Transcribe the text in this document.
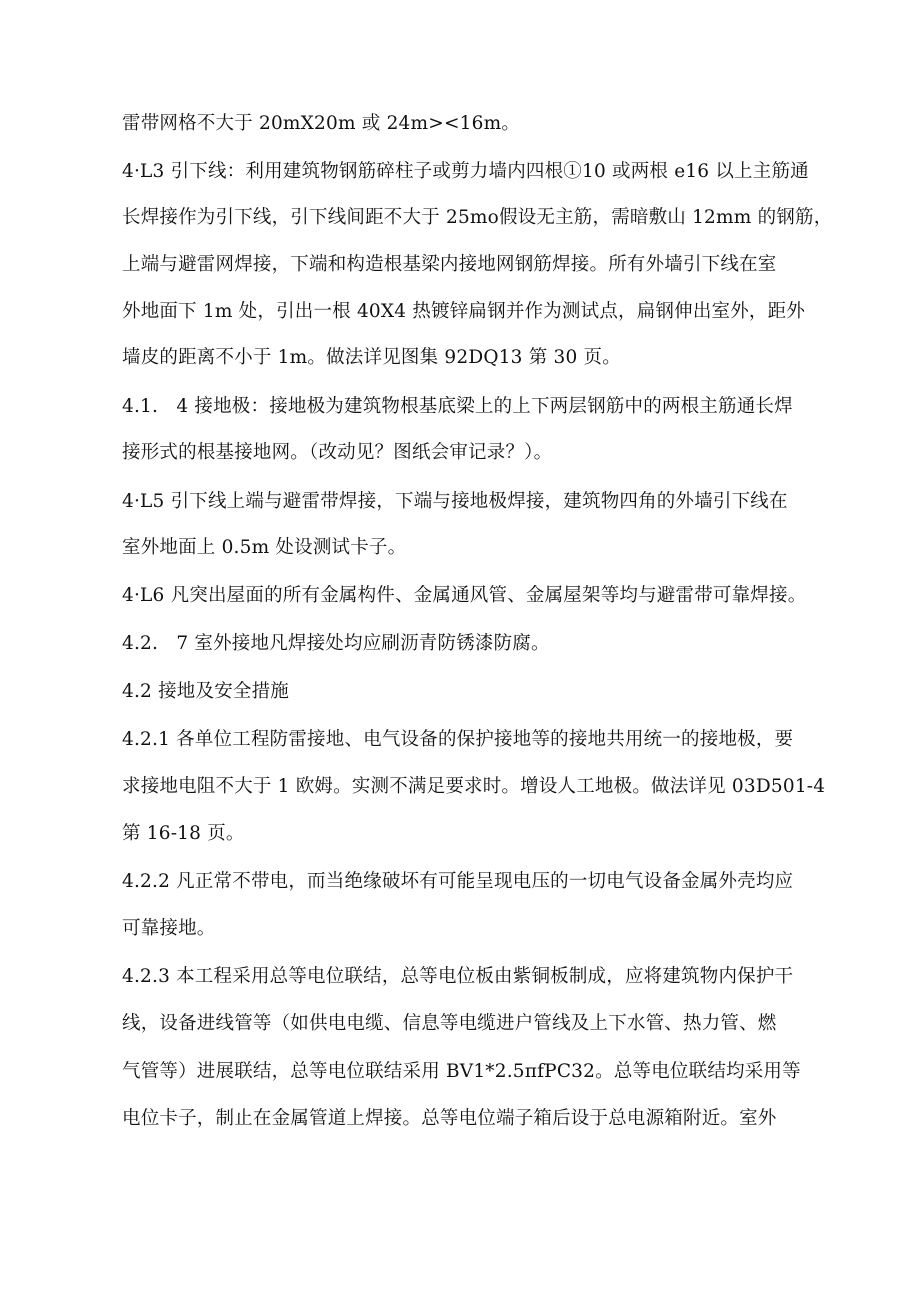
雷带网格不大于 20mX20m 或 24m><16m。
4·L3 引下线：利用建筑物钢筋碎柱子或剪力墙内四根①10 或两根 e16 以上主筋通
长焊接作为引下线，引下线间距不大于 25mo假设无主筋，需暗敷山 12mm 的钢筋，
上端与避雷网焊接，下端和构造根基梁内接地网钢筋焊接。所有外墙引下线在室
外地面下 1m 处，引出一根 40X4 热镀锌扁钢并作为测试点，扁钢伸出室外，距外
墙皮的距离不小于 1m。做法详见图集 92DQ13 第 30 页。
4.1.   4 接地极：接地极为建筑物根基底梁上的上下两层钢筋中的两根主筋通长焊
接形式的根基接地网。（改动见？图纸会审记录？）。
4·L5 引下线上端与避雷带焊接，下端与接地极焊接，建筑物四角的外墙引下线在
室外地面上 0.5m 处设测试卡子。
4·L6 凡突出屋面的所有金属构件、金属通风管、金属屋架等均与避雷带可靠焊接。
4.2.   7 室外接地凡焊接处均应刷沥青防锈漆防腐。
4.2 接地及安全措施
4.2.1 各单位工程防雷接地、电气设备的保护接地等的接地共用统一的接地极，要
求接地电阻不大于 1 欧姆。实测不满足要求时。增设人工地极。做法详见 03D501-4
第 16-18 页。
4.2.2 凡正常不带电，而当绝缘破坏有可能呈现电压的一切电气设备金属外壳均应
可靠接地。
4.2.3 本工程采用总等电位联结，总等电位板由紫铜板制成，应将建筑物内保护干
线，设备进线管等（如供电电缆、信息等电缆进户管线及上下水管、热力管、燃
气管等）进展联结，总等电位联结采用 BV1*2.5πfPC32。总等电位联结均采用等
电位卡子，制止在金属管道上焊接。总等电位端子箱后设于总电源箱附近。室外
